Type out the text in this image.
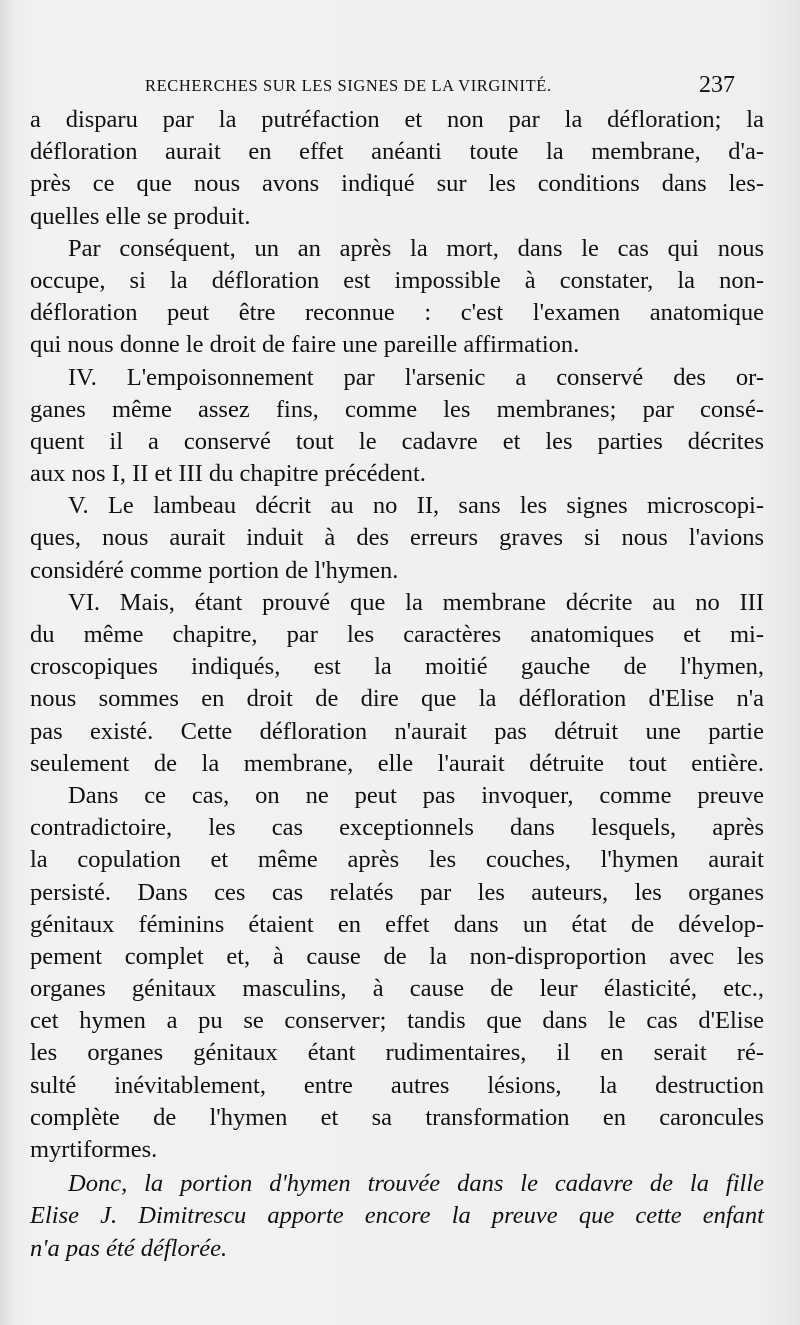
RECHERCHES SUR LES SIGNES DE LA VIRGINITÉ.	237
a disparu par la putréfaction et non par la défloration; la
défloration aurait en effet anéanti toute la membrane, d'a-
près ce que nous avons indiqué sur les conditions dans les-
quelles elle se produit.
Par conséquent, un an après la mort, dans le cas qui nous
occupe, si la défloration est impossible à constater, la non-
défloration peut être reconnue : c'est l'examen anatomique
qui nous donne le droit de faire une pareille affirmation.
IV. L'empoisonnement par l'arsenic a conservé des or-
ganes même assez fins, comme les membranes; par consé-
quent il a conservé tout le cadavre et les parties décrites
aux nos I, II et III du chapitre précédent.
V. Le lambeau décrit au no II, sans les signes microscopi-
ques, nous aurait induit à des erreurs graves si nous l'avions
considéré comme portion de l'hymen.
VI. Mais, étant prouvé que la membrane décrite au no III
du même chapitre, par les caractères anatomiques et mi-
croscopiques indiqués, est la moitié gauche de l'hymen,
nous sommes en droit de dire que la défloration d'Elise n'a
pas existé. Cette défloration n'aurait pas détruit une partie
seulement de la membrane, elle l'aurait détruite tout entière.
Dans ce cas, on ne peut pas invoquer, comme preuve
contradictoire, les cas exceptionnels dans lesquels, après
la copulation et même après les couches, l'hymen aurait
persisté. Dans ces cas relatés par les auteurs, les organes
génitaux féminins étaient en effet dans un état de dévelop-
pement complet et, à cause de la non-disproportion avec les
organes génitaux masculins, à cause de leur élasticité, etc.,
cet hymen a pu se conserver; tandis que dans le cas d'Elise
les organes génitaux étant rudimentaires, il en serait ré-
sulté inévitablement, entre autres lésions, la destruction
complète de l'hymen et sa transformation en caroncules
myrtiformes.
Donc, la portion d'hymen trouvée dans le cadavre de la fille
Elise J. Dimitrescu apporte encore la preuve que cette enfant
n'a pas été déflorée.
